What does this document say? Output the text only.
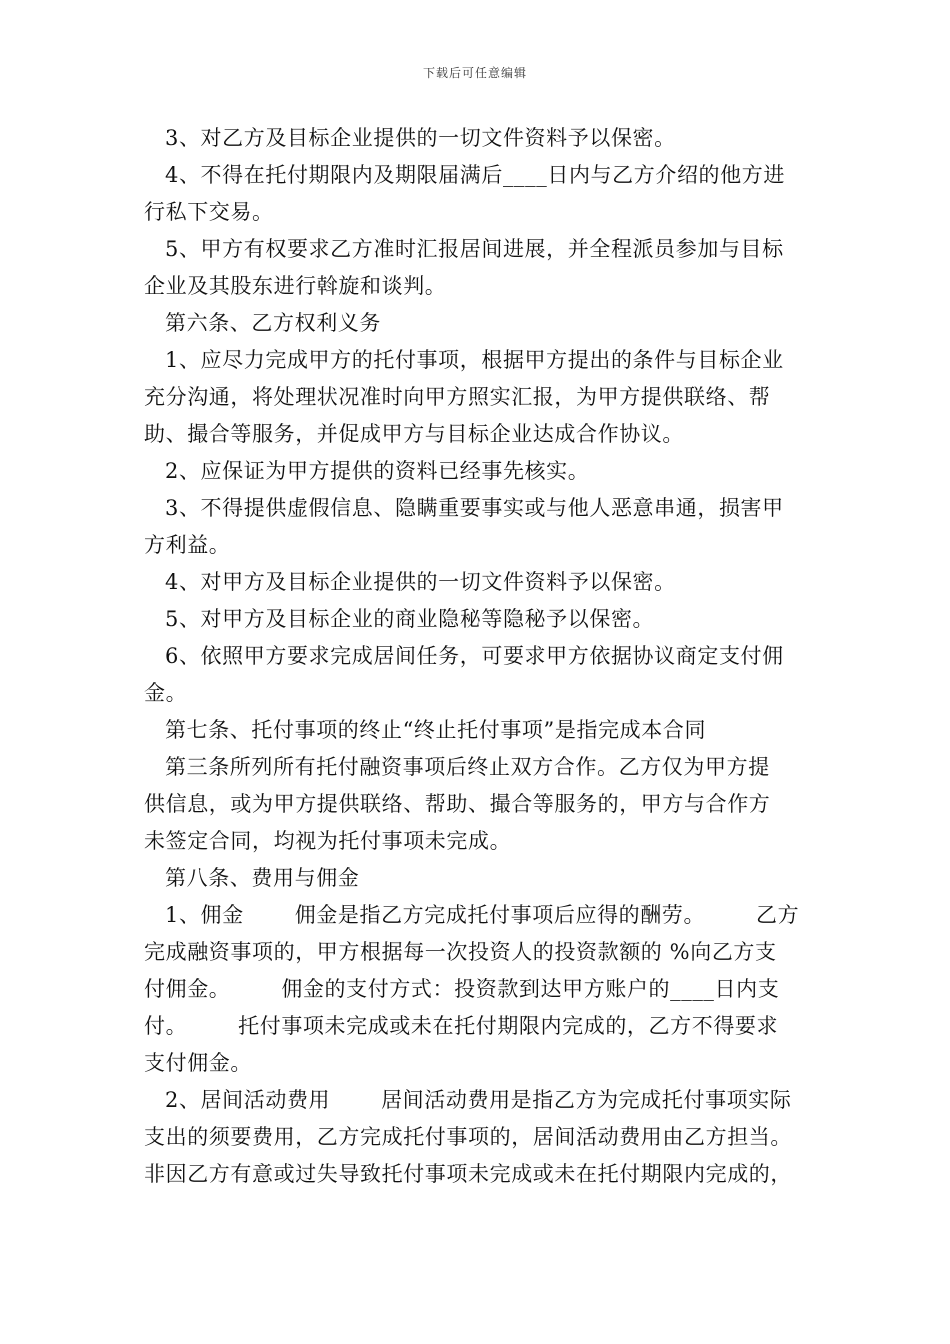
下载后可任意编辑
3、对乙方及目标企业提供的一切文件资料予以保密。
4、不得在托付期限内及期限届满后____日内与乙方介绍的他方进
行私下交易。
5、甲方有权要求乙方准时汇报居间进展，并全程派员参加与目标
企业及其股东进行斡旋和谈判。
第六条、乙方权利义务
1、应尽力完成甲方的托付事项，根据甲方提出的条件与目标企业
充分沟通，将处理状况准时向甲方照实汇报，为甲方提供联络、帮
助、撮合等服务，并促成甲方与目标企业达成合作协议。
2、应保证为甲方提供的资料已经事先核实。
3、不得提供虚假信息、隐瞒重要事实或与他人恶意串通，损害甲
方利益。
4、对甲方及目标企业提供的一切文件资料予以保密。
5、对甲方及目标企业的商业隐秘等隐秘予以保密。
6、依照甲方要求完成居间任务，可要求甲方依据协议商定支付佣
金。
第七条、托付事项的终止“终止托付事项”是指完成本合同
第三条所列所有托付融资事项后终止双方合作。乙方仅为甲方提
供信息，或为甲方提供联络、帮助、撮合等服务的，甲方与合作方
未签定合同，均视为托付事项未完成。
第八条、费用与佣金
1、佣金       佣金是指乙方完成托付事项后应得的酬劳。       乙方
完成融资事项的，甲方根据每一次投资人的投资款额的 %向乙方支
付佣金。       佣金的支付方式：投资款到达甲方账户的____日内支
付。       托付事项未完成或未在托付期限内完成的，乙方不得要求
支付佣金。
2、居间活动费用       居间活动费用是指乙方为完成托付事项实际
支出的须要费用，乙方完成托付事项的，居间活动费用由乙方担当。
非因乙方有意或过失导致托付事项未完成或未在托付期限内完成的，
